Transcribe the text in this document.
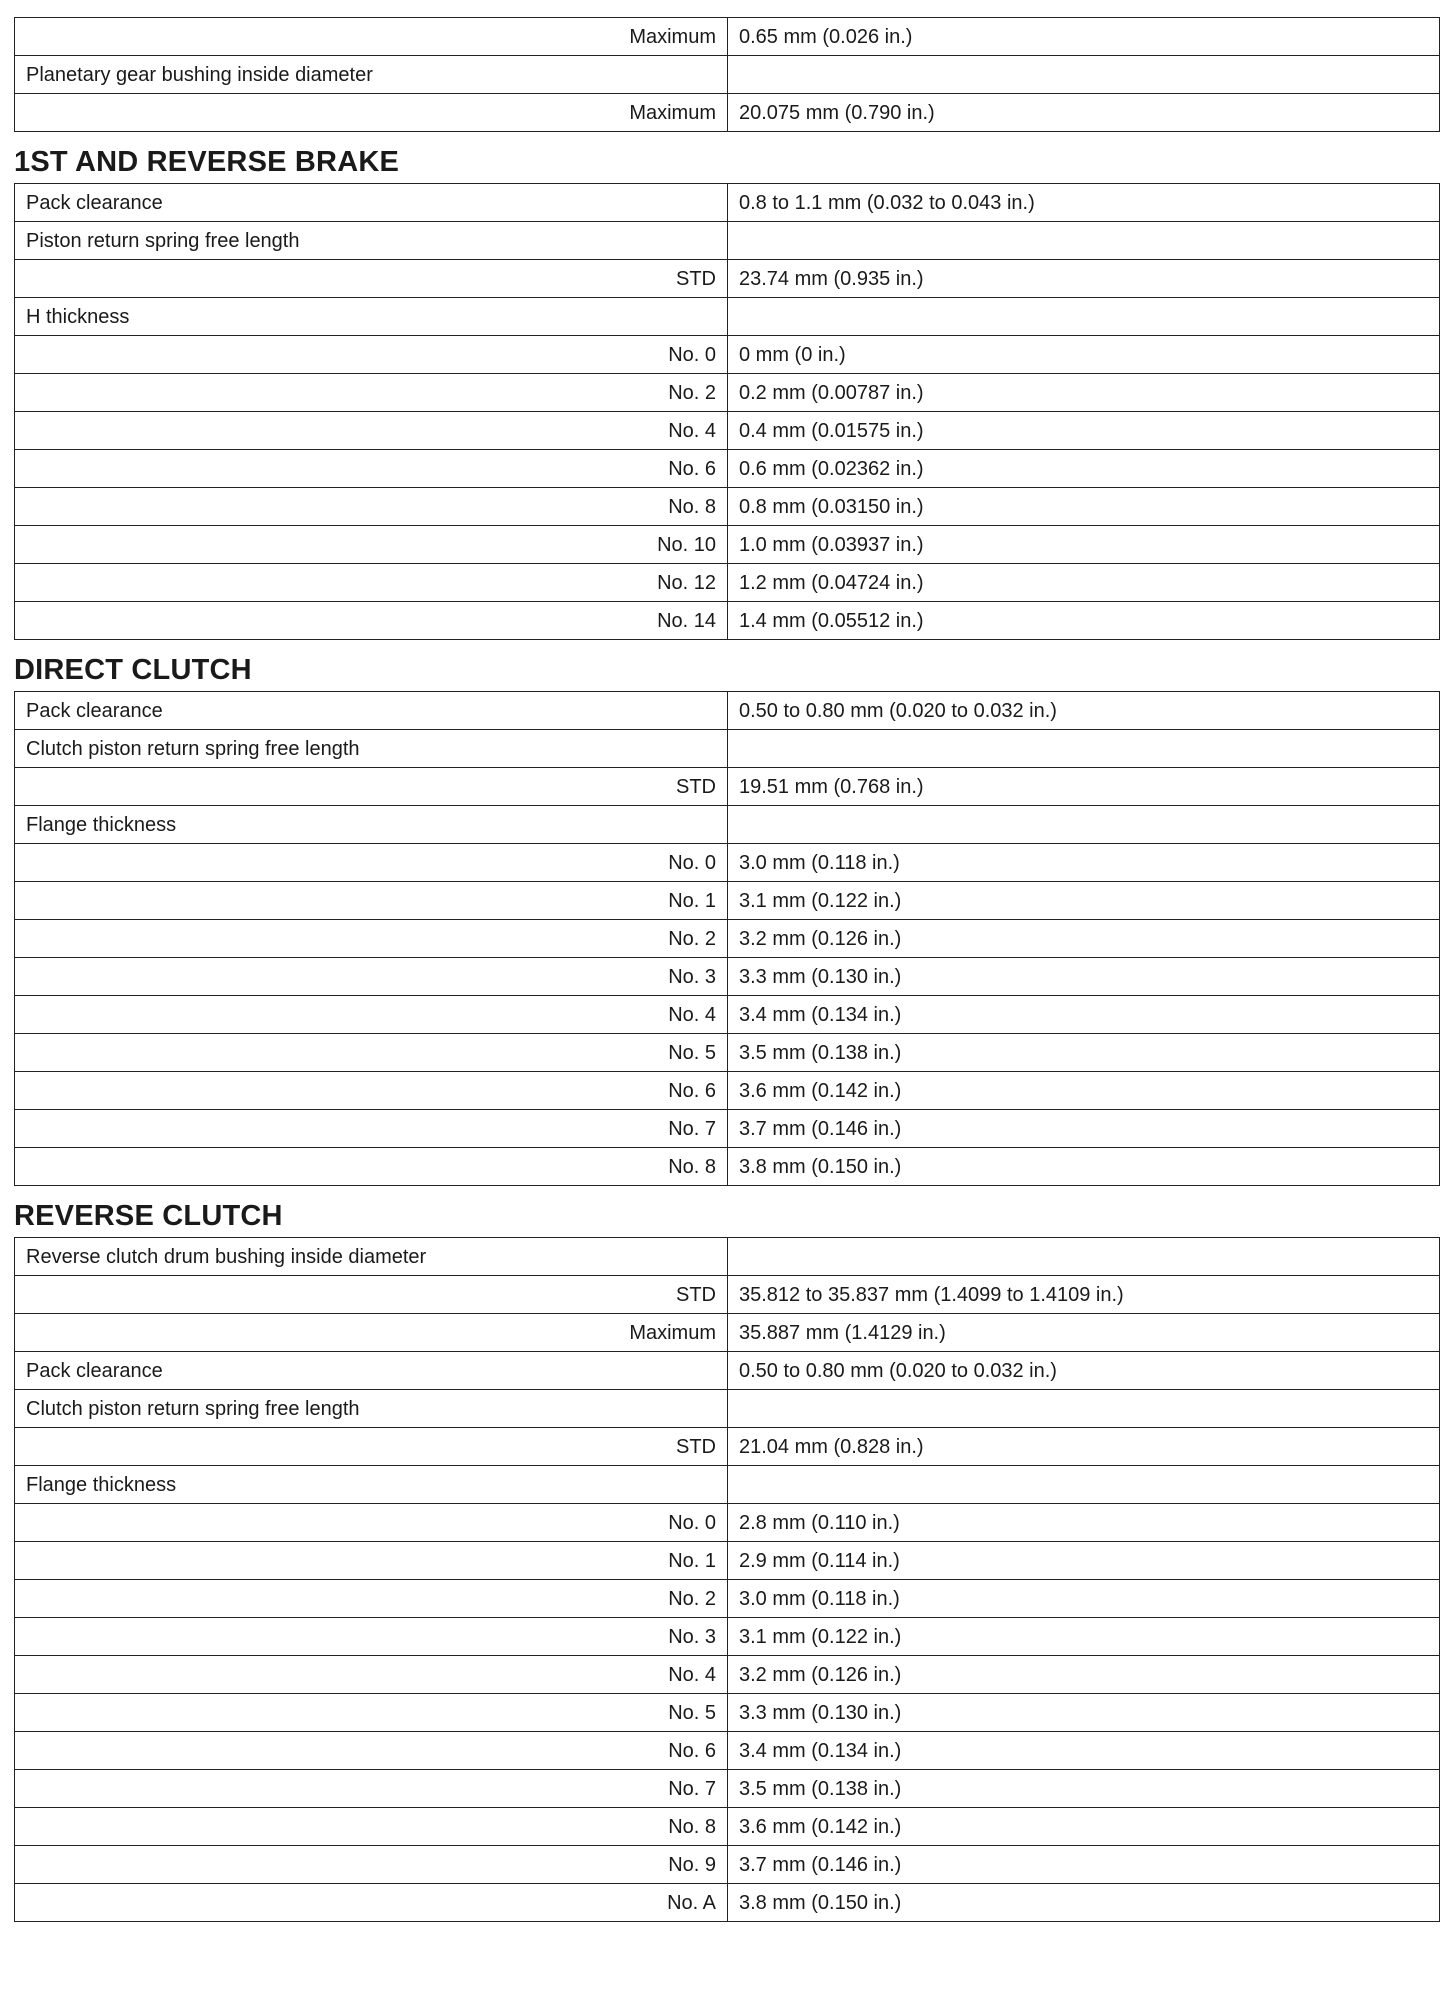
Maximum	0.65 mm (0.026 in.)
Planetary gear bushing inside diameter	
Maximum	20.075 mm (0.790 in.)
1ST AND REVERSE BRAKE
Pack clearance	0.8 to 1.1 mm (0.032 to 0.043 in.)
Piston return spring free length	
STD	23.74 mm (0.935 in.)
H thickness	
No. 0	0 mm (0 in.)
No. 2	0.2 mm (0.00787 in.)
No. 4	0.4 mm (0.01575 in.)
No. 6	0.6 mm (0.02362 in.)
No. 8	0.8 mm (0.03150 in.)
No. 10	1.0 mm (0.03937 in.)
No. 12	1.2 mm (0.04724 in.)
No. 14	1.4 mm (0.05512 in.)
DIRECT CLUTCH
Pack clearance	0.50 to 0.80 mm (0.020 to 0.032 in.)
Clutch piston return spring free length	
STD	19.51 mm (0.768 in.)
Flange thickness	
No. 0	3.0 mm (0.118 in.)
No. 1	3.1 mm (0.122 in.)
No. 2	3.2 mm (0.126 in.)
No. 3	3.3 mm (0.130 in.)
No. 4	3.4 mm (0.134 in.)
No. 5	3.5 mm (0.138 in.)
No. 6	3.6 mm (0.142 in.)
No. 7	3.7 mm (0.146 in.)
No. 8	3.8 mm (0.150 in.)
REVERSE CLUTCH
Reverse clutch drum bushing inside diameter	
STD	35.812 to 35.837 mm (1.4099 to 1.4109 in.)
Maximum	35.887 mm (1.4129 in.)
Pack clearance	0.50 to 0.80 mm (0.020 to 0.032 in.)
Clutch piston return spring free length	
STD	21.04 mm (0.828 in.)
Flange thickness	
No. 0	2.8 mm (0.110 in.)
No. 1	2.9 mm (0.114 in.)
No. 2	3.0 mm (0.118 in.)
No. 3	3.1 mm (0.122 in.)
No. 4	3.2 mm (0.126 in.)
No. 5	3.3 mm (0.130 in.)
No. 6	3.4 mm (0.134 in.)
No. 7	3.5 mm (0.138 in.)
No. 8	3.6 mm (0.142 in.)
No. 9	3.7 mm (0.146 in.)
No. A	3.8 mm (0.150 in.)
